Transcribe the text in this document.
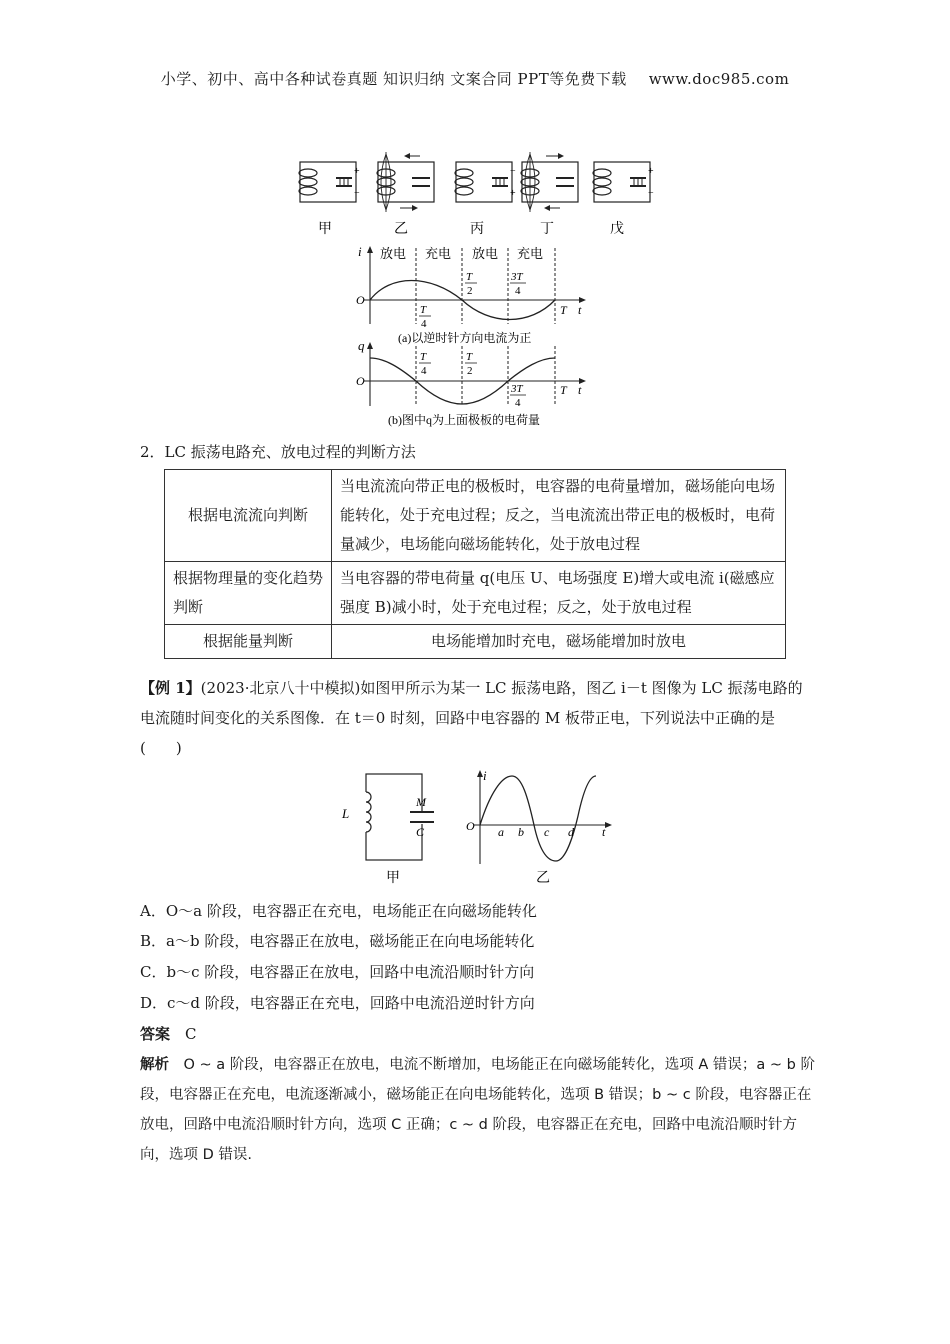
小学、初中、高中各种试卷真题 知识归纳 文案合同 PPT等免费下载 www.doc985.com
+
−
−
+
+
−
甲	乙	丙	丁	戊
i 放电 充电 放电 充电
O
T
2
3T
4
T
4
T t
(a)以逆时针方向电流为正
q
O
T
4
T
2
3T
4
T t
(b)图中q为上面极板的电荷量
2．LC 振荡电路充、放电过程的判断方法
根据电流流向判断	当电流流向带正电的极板时，电容器的电荷量增加，磁场能向电场能转化，处于充电过程；反之，当电流流出带正电的极板时，电荷量减少，电场能向磁场能转化，处于放电过程
根据物理量的变化趋势判断	当电容器的带电荷量 q(电压 U、电场强度 E)增大或电流 i(磁感应强度 B)减小时，处于充电过程；反之，处于放电过程
根据能量判断	电场能增加时充电，磁场能增加时放电
【例 1】(2023·北京八十中模拟)如图甲所示为某一 LC 振荡电路，图乙 i－t 图像为 LC 振荡电路的电流随时间变化的关系图像．在 t＝0 时刻，回路中电容器的 M 板带正电，下列说法中正确的是(　　)
L
M
C
甲
i
O a b c d t
乙
A．O～a 阶段，电容器正在充电，电场能正在向磁场能转化
B．a～b 阶段，电容器正在放电，磁场能正在向电场能转化
C．b～c 阶段，电容器正在放电，回路中电流沿顺时针方向
D．c～d 阶段，电容器正在充电，回路中电流沿逆时针方向
答案　 C
解析　 O ~ a 阶段，电容器正在放电，电流不断增加，电场能正在向磁场能转化，选项 A 错误；a ~ b 阶段，电容器正在充电，电流逐渐减小，磁场能正在向电场能转化，选项 B 错误；b ~ c 阶段，电容器正在放电，回路中电流沿顺时针方向，选项 C 正确；c ~ d 阶段，电容器正在充电，回路中电流沿顺时针方向，选项 D 错误.
